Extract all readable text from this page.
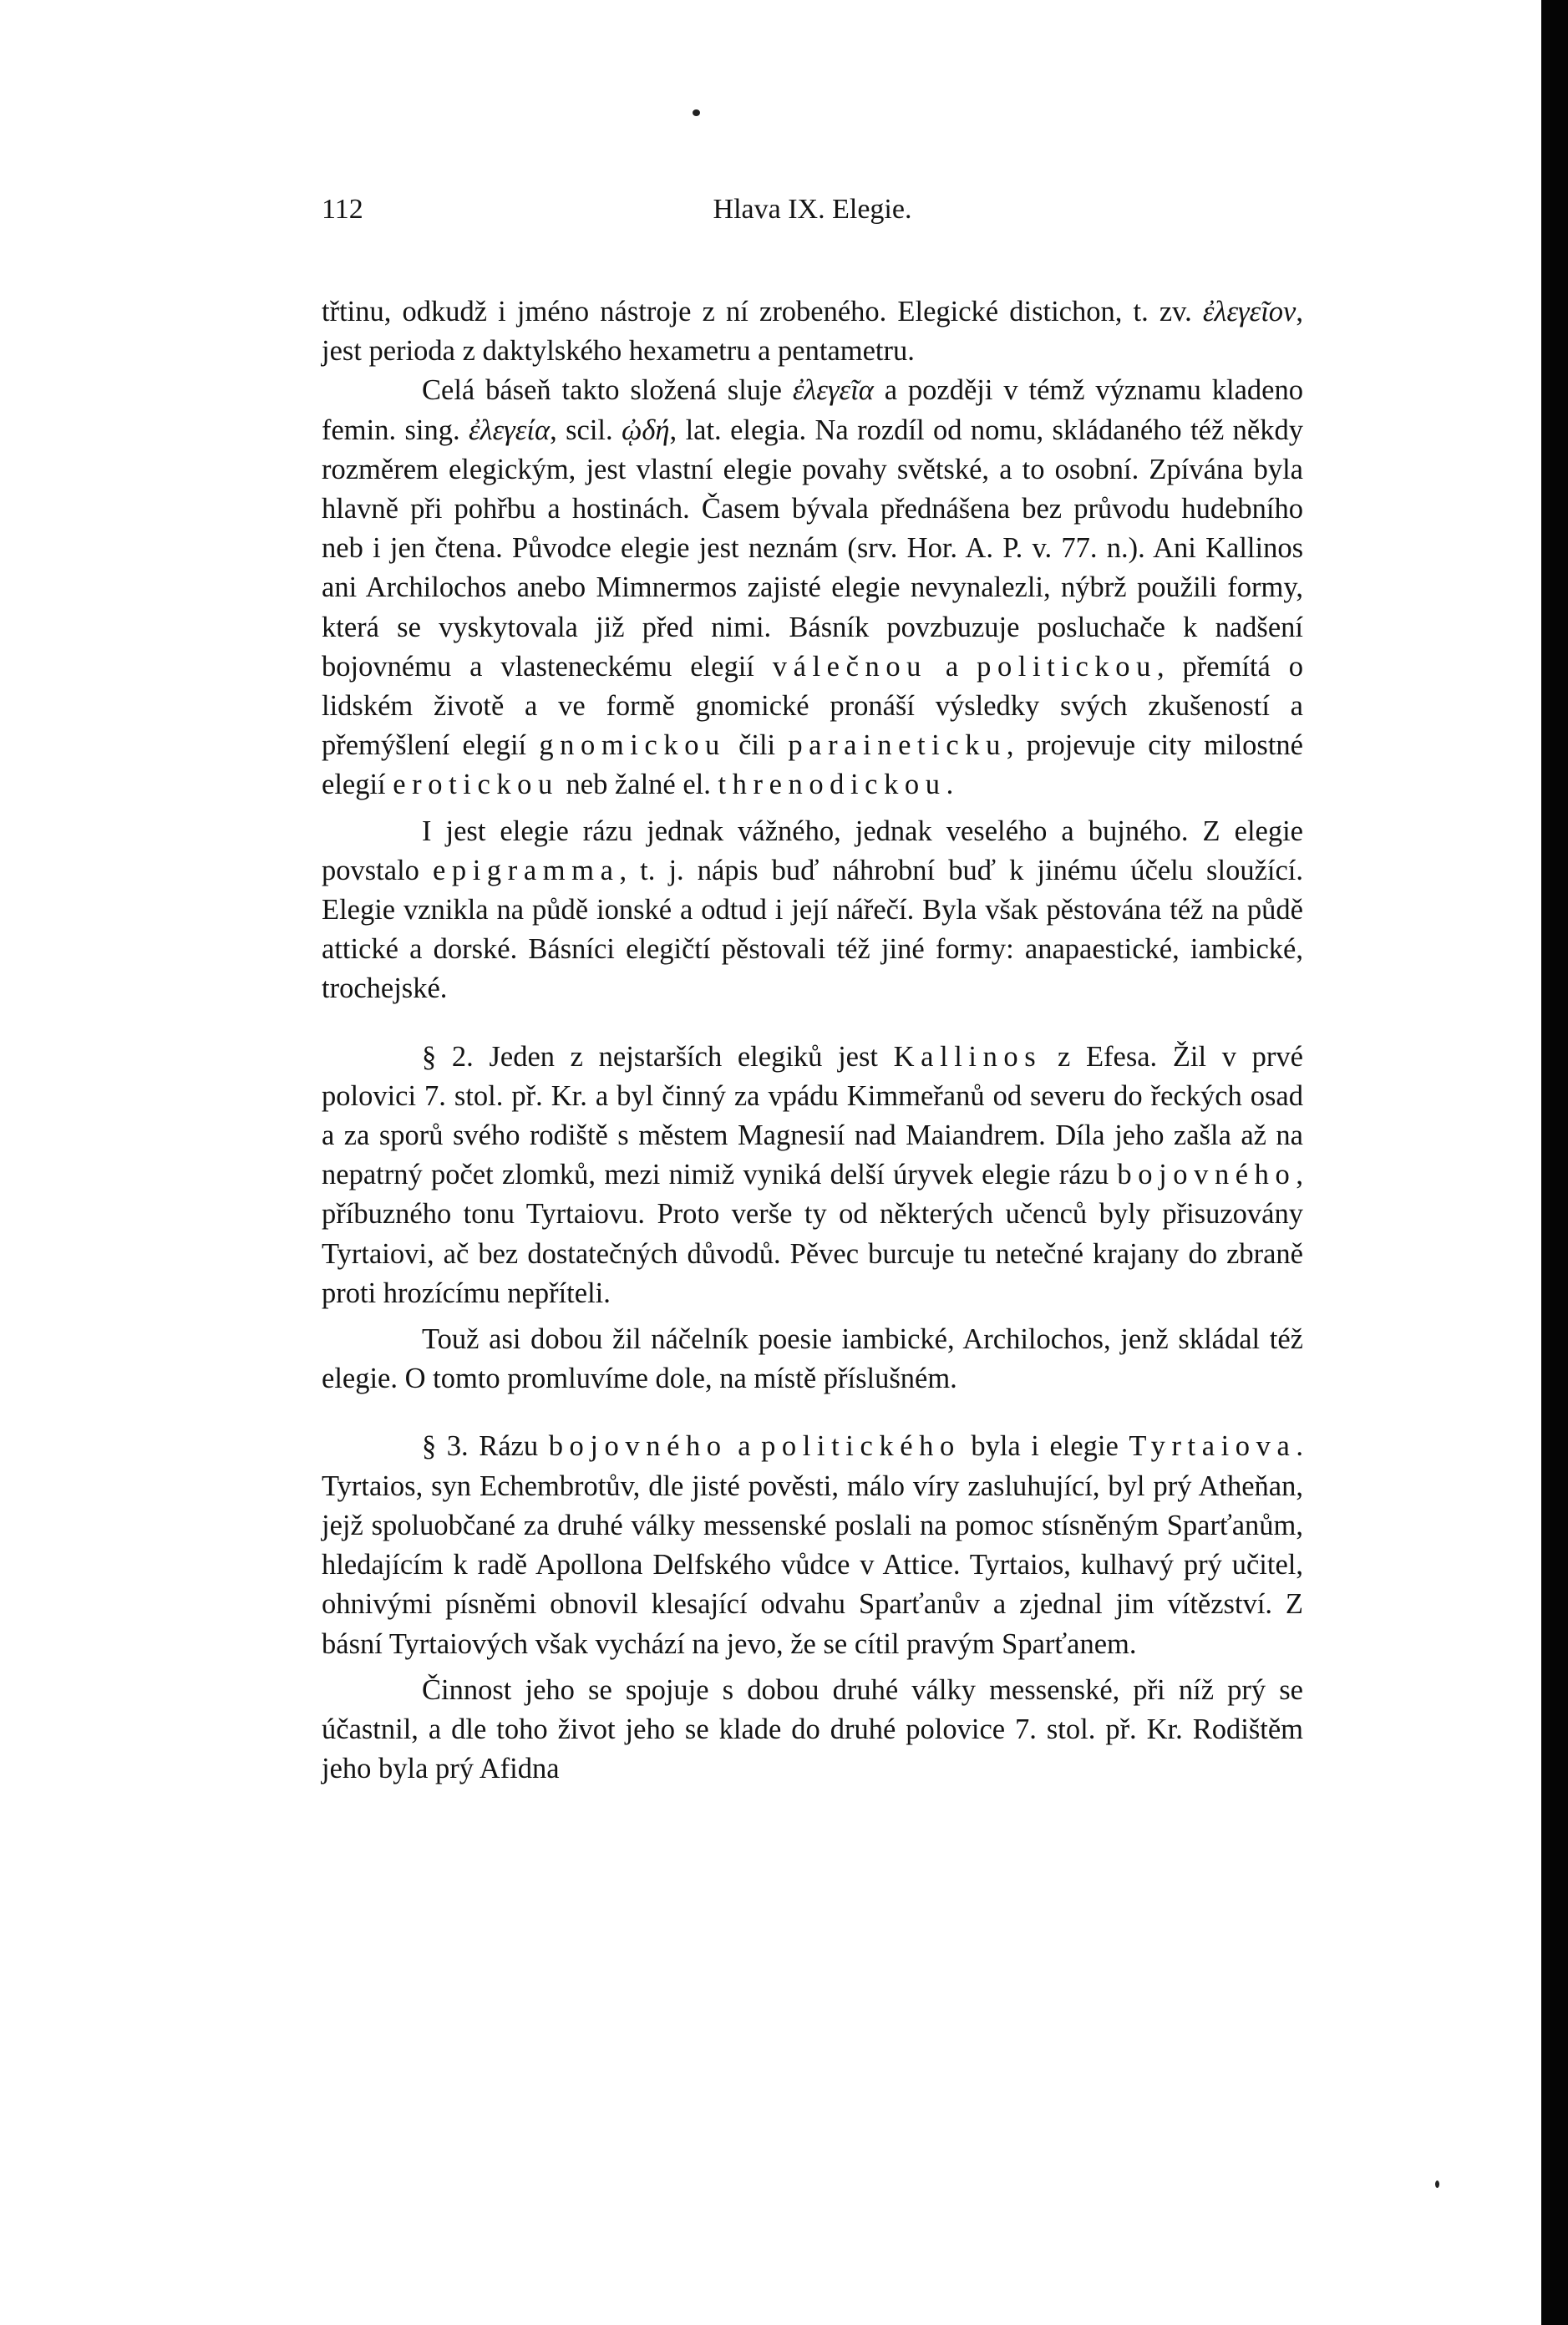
112	Hlava IX. Elegie.

třtinu, odkudž i jméno nástroje z ní zrobeného. Elegické distichon, t. zv. ἐλεγεῖον, jest perioda z daktylského hexametru a pentametru.

Celá báseň takto složená sluje ἐλεγεῖα a později v témž významu kladeno femin. sing. ἐλεγεία, scil. ᾠδή, lat. elegia. Na rozdíl od nomu, skládaného též někdy rozměrem elegickým, jest vlastní elegie povahy světské, a to osobní. Zpívána byla hlavně při pohřbu a hostinách. Časem bývala přednášena bez průvodu hudebního neb i jen čtena. Původce elegie jest neznám (srv. Hor. A. P. v. 77. n.). Ani Kallinos ani Archilochos anebo Mimnermos zajisté elegie nevynalezli, nýbrž použili formy, která se vyskytovala již před nimi. Básník povzbuzuje posluchače k nadšení bojovnému a vlasteneckému elegií válečnou a politickou, přemítá o lidském životě a ve formě gnomické pronáší výsledky svých zkušeností a přemýšlení elegií gnomickou čili paraineticku, projevuje city milostné elegií erotickou neb žalné el. threnodickou.

I jest elegie rázu jednak vážného, jednak veselého a bujného. Z elegie povstalo epigramma, t. j. nápis buď náhrobní buď k jinému účelu sloužící. Elegie vznikla na půdě ionské a odtud i její nářečí. Byla však pěstována též na půdě attické a dorské. Básníci elegičtí pěstovali též jiné formy: anapaestické, iambické, trochejské.

§ 2. Jeden z nejstarších elegiků jest Kallinos z Efesa. Žil v prvé polovici 7. stol. př. Kr. a byl činný za vpádu Kimmeřanů od severu do řeckých osad a za sporů svého rodiště s městem Magnesií nad Maiandrem. Díla jeho zašla až na nepatrný počet zlomků, mezi nimiž vyniká delší úryvek elegie rázu bojovného, příbuzného tonu Tyrtaiovu. Proto verše ty od některých učenců byly přisuzovány Tyrtaiovi, ač bez dostatečných důvodů. Pěvec burcuje tu netečné krajany do zbraně proti hrozícímu nepříteli.

Touž asi dobou žil náčelník poesie iambické, Archilochos, jenž skládal též elegie. O tomto promluvíme dole, na místě příslušném.

§ 3. Rázu bojovného a politického byla i elegie Tyrtaiova. Tyrtaios, syn Echembrotův, dle jisté pověsti, málo víry zasluhující, byl prý Atheňan, jejž spoluobčané za druhé války messenské poslali na pomoc stísněným Sparťanům, hledajícím k radě Apollona Delfského vůdce v Attice. Tyrtaios, kulhavý prý učitel, ohnivými písněmi obnovil klesající odvahu Sparťanův a zjednal jim vítězství. Z básní Tyrtaiových však vychází na jevo, že se cítil pravým Sparťanem.

Činnost jeho se spojuje s dobou druhé války messenské, při níž prý se účastnil, a dle toho život jeho se klade do druhé polovice 7. stol. př. Kr. Rodištěm jeho byla prý Afidna
